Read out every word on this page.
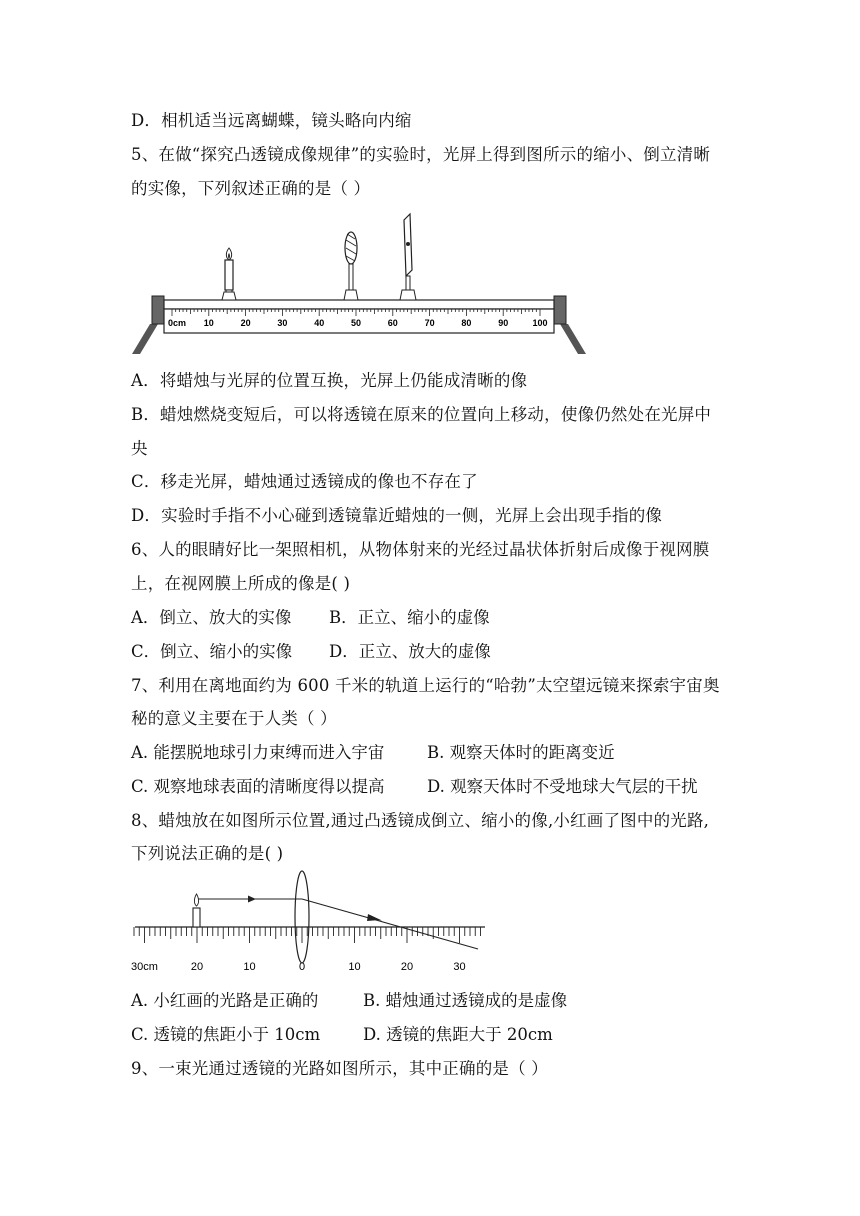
D．相机适当远离蝴蝶，镜头略向内缩
5、在做“探究凸透镜成像规律”的实验时，光屏上得到图所示的缩小、倒立清晰
的实像，下列叙述正确的是（ ）
0cm 10	20	30	40	50	60	70	80	90	100
A．将蜡烛与光屏的位置互换，光屏上仍能成清晰的像
B．蜡烛燃烧变短后，可以将透镜在原来的位置向上移动，使像仍然处在光屏中
央
C．移走光屏，蜡烛通过透镜成的像也不存在了
D．实验时手指不小心碰到透镜靠近蜡烛的一侧，光屏上会出现手指的像
6、人的眼睛好比一架照相机，从物体射来的光经过晶状体折射后成像于视网膜
上，在视网膜上所成的像是( )
A．倒立、放大的实像 B．正立、缩小的虚像
C．倒立、缩小的实像 D．正立、放大的虚像
7、利用在离地面约为 600 千米的轨道上运行的“哈勃”太空望远镜来探索宇宙奥
秘的意义主要在于人类（ ）
A. 能摆脱地球引力束缚而进入宇宙	B. 观察天体时的距离变近
C. 观察地球表面的清晰度得以提高	D. 观察天体时不受地球大气层的干扰
8、蜡烛放在如图所示位置,通过凸透镜成倒立、缩小的像,小红画了图中的光路,
下列说法正确的是( )
30cm	20	10	0	10	20	30
A. 小红画的光路是正确的	B. 蜡烛通过透镜成的是虚像
C. 透镜的焦距小于 10cm	D. 透镜的焦距大于 20cm
9、一束光通过透镜的光路如图所示，其中正确的是（ ）
